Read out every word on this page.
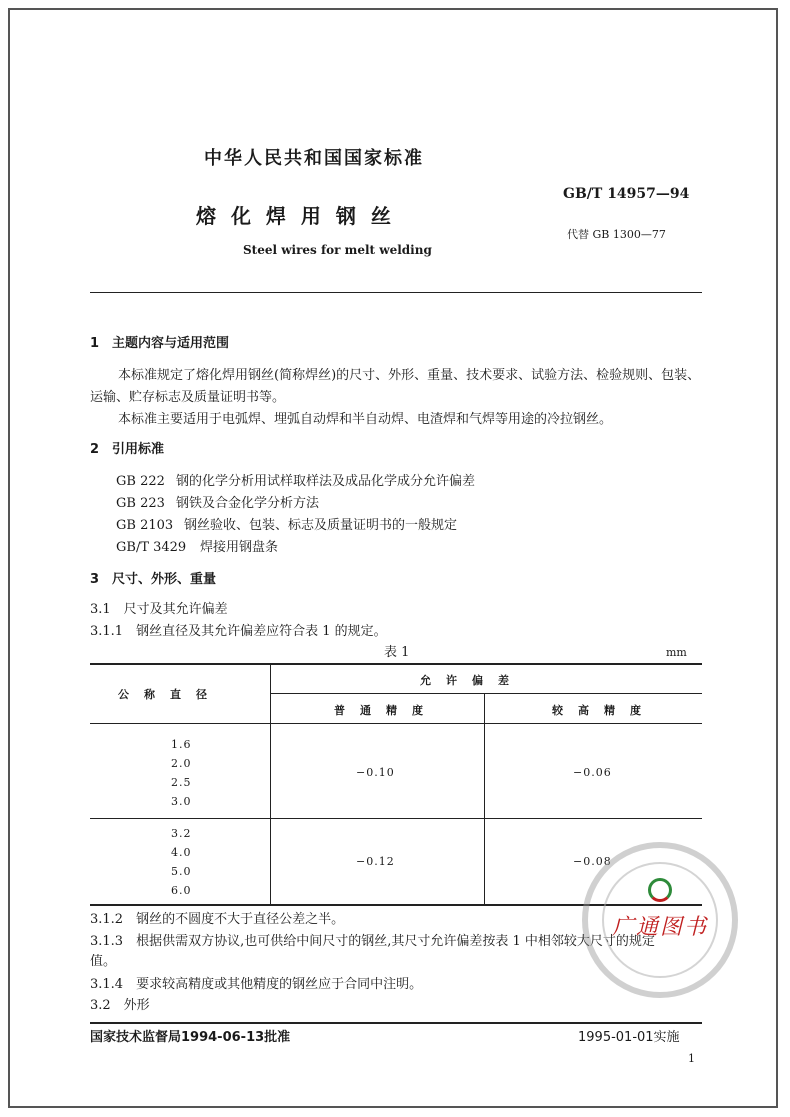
中华人民共和国国家标准
熔 化 焊 用 钢 丝
Steel wires for melt welding
GB/T 14957—94
代替 GB 1300—77
1　主题内容与适用范围
本标准规定了熔化焊用钢丝(简称焊丝)的尺寸、外形、重量、技术要求、试验方法、检验规则、包装、
运输、贮存标志及质量证明书等。
本标准主要适用于电弧焊、埋弧自动焊和半自动焊、电渣焊和气焊等用途的冷拉钢丝。
2　引用标准
GB 222 钢的化学分析用试样取样法及成品化学成分允许偏差
GB 223 钢铁及合金化学分析方法
GB 2103 钢丝验收、包装、标志及质量证明书的一般规定
GB/T 3429 焊接用钢盘条
3　尺寸、外形、重量
3.1　尺寸及其允许偏差
3.1.1　钢丝直径及其允许偏差应符合表 1 的规定。
表 1	mm
公　称　直　径
允　许　偏　差
普　通　精　度	较　高　精　度
1.6
2.0
2.5
3.0
−0.10	−0.06
3.2
4.0
5.0
6.0
−0.12	−0.08
3.1.2　钢丝的不圆度不大于直径公差之半。
3.1.3　根据供需双方协议,也可供给中间尺寸的钢丝,其尺寸允许偏差按表 1 中相邻较大尺寸的规定
值。
3.1.4　要求较高精度或其他精度的钢丝应于合同中注明。
3.2　外形
广通图书
国家技术监督局1994-06-13批准	1995-01-01实施
1
